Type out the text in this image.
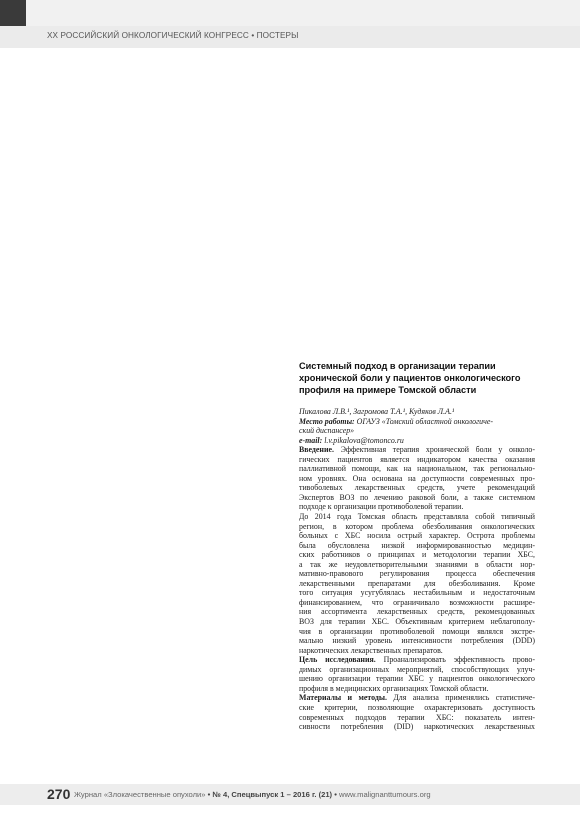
XX РОССИЙСКИЙ ОНКОЛОГИЧЕСКИЙ КОНГРЕСС • ПОСТЕРЫ
Системный подход в организации терапии
хронической боли у пациентов онкологического
профиля на примере Томской области
Пикалова Л.В.¹, Загромова Т.А.¹, Кудяков Л.А.¹
Место работы: ОГАУЗ «Томский областной онкологиче-
ский диспансер»
e-mail: l.v.pikalova@tomonco.ru
Введение. Эффективная терапия хронической боли у онколо-
гических пациентов является индикатором качества оказания
паллиативной помощи, как на национальном, так регионально-
ном уровнях. Она основана на доступности современных про-
тивоболевых лекарственных средств, учете рекомендаций
Экспертов ВОЗ по лечению раковой боли, а также системном
подходе к организации противоболевой терапии.
До 2014 года Томская область представляла собой типичный
регион, в котором проблема обезболивания онкологических
больных с ХБС носила острый характер. Острота проблемы
была обусловлена низкой информированностью медицин-
ских работников о принципах и методологии терапии ХБС,
а так же неудовлетворительными знаниями в области нор-
мативно-правового регулирования процесса обеспечения
лекарственными препаратами для обезболивания. Кроме
того ситуация усугублялась нестабильным и недостаточным
финансированием, что ограничивало возможности расшире-
ния ассортимента лекарственных средств, рекомендованных
ВОЗ для терапии ХБС. Объективным критерием неблагополу-
чия в организации противоболевой помощи являлся экстре-
мально низкий уровень интенсивности потребления (DDD)
наркотических лекарственных препаратов.
Цель исследования. Проанализировать эффективность прово-
димых организационных мероприятий, способствующих улуч-
шению организации терапии ХБС у пациентов онкологического
профиля в медицинских организациях Томской области.
Материалы и методы. Для анализа применялись статистиче-
ские критерии, позволяющие охарактеризовать доступность
современных подходов терапии ХБС: показатель интен-
сивности потребления (DID) наркотических лекарственных
270 Журнал «Злокачественные опухоли» • № 4, Спецвыпуск 1 – 2016 г. (21) • www.malignanttumours.org
